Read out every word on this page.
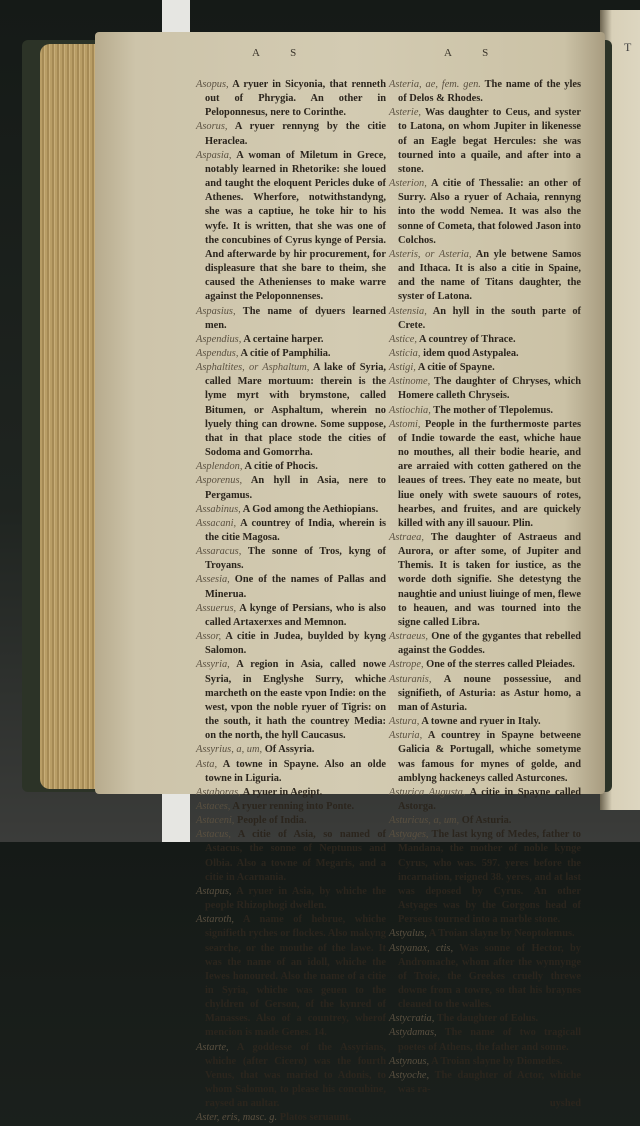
T
A S	A S
Asopus, A ryuer in Sicyonia, that renneth out of Phrygia. An other in Peloponnesus, nere to Corinthe.
Asorus, A ryuer rennyng by the citie Heraclea.
Aspasia, A woman of Miletum in Grece, notably learned in Rhetorike: she loued and taught the eloquent Pericles duke of Athenes. Wherfore, notwithstandyng, she was a captiue, he toke hir to his wyfe. It is written, that she was one of the concubines of Cyrus kynge of Persia. And afterwarde by hir procurement, for displeasure that she bare to theim, she caused the Athenienses to make warre against the Peloponnenses.
Aspasius, The name of dyuers learned men.
Aspendius, A certaine harper.
Aspendus, A citie of Pamphilia.
Asphaltites, or Asphaltum, A lake of Syria, called Mare mortuum: therein is the lyme myrt with brymstone, called Bitumen, or Asphaltum, wherein no lyuely thing can drowne. Some suppose, that in that place stode the cities of Sodoma and Gomorrha.
Asplendon, A citie of Phocis.
Asporenus, An hyll in Asia, nere to Pergamus.
Assabinus, A God among the Aethiopians.
Assacani, A countrey of India, wherein is the citie Magosa.
Assaracus, The sonne of Tros, kyng of Troyans.
Assesia, One of the names of Pallas and Minerua.
Assuerus, A kynge of Persians, who is also called Artaxerxes and Memnon.
Assor, A citie in Judea, buylded by kyng Salomon.
Assyria, A region in Asia, called nowe Syria, in Englyshe Surry, whiche marcheth on the easte vpon Indie: on the west, vpon the noble ryuer of Tigris: on the south, it hath the countrey Media: on the north, the hyll Caucasus.
Assyrius, a, um, Of Assyria.
Asta, A towne in Spayne. Also an olde towne in Liguria.
Astaboras, A ryuer in Aegipt.
Astaces, A ryuer renning into Ponte.
Astaceni, People of India.
Astacus, A citie of Asia, so named of Astacus, the sonne of Neptunus and Olbia. Also a towne of Megaris, and a citie in Acarnania.
Astapus, A ryuer in Asia, by whiche the people Rhizophogi dwellen.
Astaroth, A name of hebrue, whiche signifieth ryches or flockes. Also makyng searche, or the mouthe of the lawe. It was the name of an idoll, whiche the Iewes honoured. Also the name of a citie in Syria, whiche was geuen to the chyldren of Gerson, of the kynred of Manasses. Also of a countrey, wherof mencion is made Genes. 14.
Astarte, A goddesse of the Assyrians, whiche (after Cicero) was the fourth Venus, that was maried to Adonis, to whom Salomon, to please his concubine, raysed an aultar.
Aster, eris, masc. g. Platos seruaunt.
Asteria, ae, fem. gen. The name of the yles of Delos & Rhodes.
Asterie, Was daughter to Ceus, and syster to Latona, on whom Jupiter in likenesse of an Eagle begat Hercules: she was tourned into a quaile, and after into a stone.
Asterion, A citie of Thessalie: an other of Surry. Also a ryuer of Achaia, rennyng into the wodd Nemea. It was also the sonne of Cometa, that folowed Jason into Colchos.
Asteris, or Asteria, An yle betwene Samos and Ithaca. It is also a citie in Spaine, and the name of Titans daughter, the syster of Latona.
Astensia, An hyll in the south parte of Crete.
Astice, A countrey of Thrace.
Asticia, idem quod Astypalea.
Astigi, A citie of Spayne.
Astinome, The daughter of Chryses, which Homere calleth Chryseis.
Astiochia, The mother of Tlepolemus.
Astomi, People in the furthermoste partes of Indie towarde the east, whiche haue no mouthes, all their bodie hearie, and are arraied with cotten gathered on the leaues of trees. They eate no meate, but liue onely with swete sauours of rotes, hearbes, and fruites, and are quickely killed with any ill sauour. Plin.
Astraea, The daughter of Astraeus and Aurora, or after some, of Jupiter and Themis. It is taken for iustice, as the worde doth signifie. She detestyng the naughtie and uniust liuinge of men, flewe to heauen, and was tourned into the signe called Libra.
Astraeus, One of the gygantes that rebelled against the Goddes.
Astrope, One of the sterres called Pleiades.
Asturanis, A noune possessiue, and signifieth, of Asturia: as Astur homo, a man of Asturia.
Astura, A towne and ryuer in Italy.
Asturia, A countrey in Spayne betweene Galicia & Portugall, whiche sometyme was famous for mynes of golde, and amblyng hackeneys called Asturcones.
Asturica Augusta, A citie in Spayne called Astorga.
Asturicus, a, um, Of Asturia.
Astyages, The last kyng of Medes, father to Mandana, the mother of noble kynge Cyrus, who was. 597. yeres before the incarnation, reigned 38. yeres, and at last was deposed by Cyrus. An other Astyages was by the Gorgons head of Perseus tourned into a marble stone.
Astyalus, A Troian slayne by Neoptolemus.
Astyanax, ctis, Was sonne of Hector, by Andromache, whom after the wynnynge of Troie, the Greekes cruelly threwe downe from a towre, so that his braynes cleaued to the walles.
Astycratia, The daughter of Eolus.
Astydamas, The name of two tragicall poetes of Athens, the father and sonne.
Astynous, A Troian slayne by Diomedes.
Astyoche, The daughter of Actor, whiche was ra-
uyshed
